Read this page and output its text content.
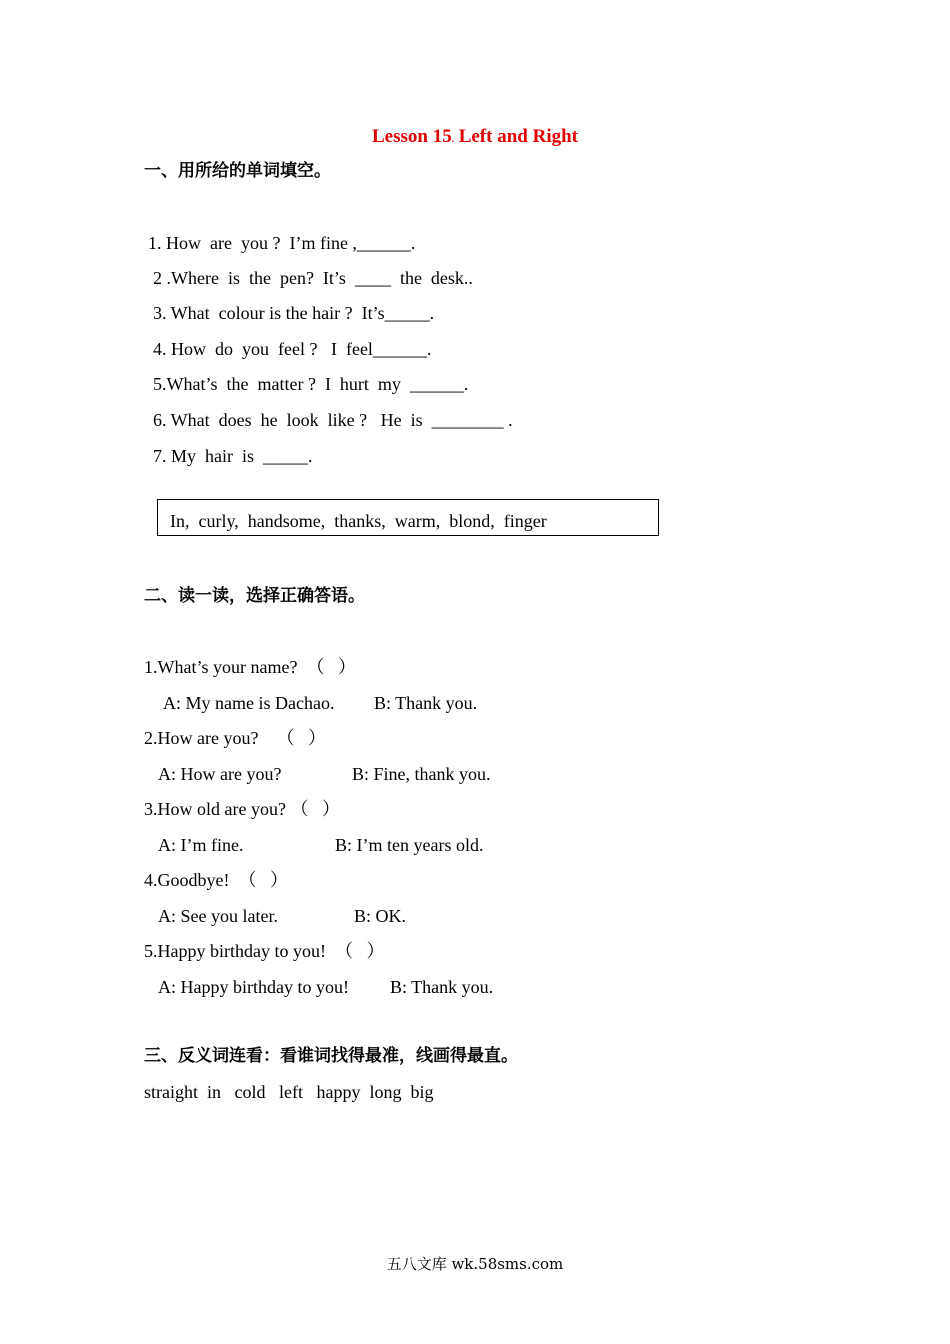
Lesson 15. Left and Right
一、用所给的单词填空。
1. How  are  you ?  I’m fine ,______.
2 .Where  is  the  pen?  It’s  ____  the  desk..
3. What  colour is the hair ?  It’s_____.
4. How  do  you  feel ?   I  feel______.
5.What’s  the  matter ?  I  hurt  my  ______.
6. What  does  he  look  like ?   He  is  ________ .
7. My  hair  is  _____.
In,  curly,  handsome,  thanks,  warm,  blond,  finger
二、读一读，选择正确答语。
1.What’s your name?  （   ）
A: My name is Dachao. B: Thank you.
2.How are you?    （   ）
A: How are you?	B: Fine, thank you.
3.How old are you? （   ）
A: I’m fine.	B: I’m ten years old.
4.Goodbye!  （   ）
A: See you later.	B: OK.
5.Happy birthday to you!  （   ）
A: Happy birthday to you! B: Thank you.
三、反义词连看：看谁词找得最准，线画得最直。
straight  in   cold   left   happy  long  big
五八文库 wk.58sms.com
